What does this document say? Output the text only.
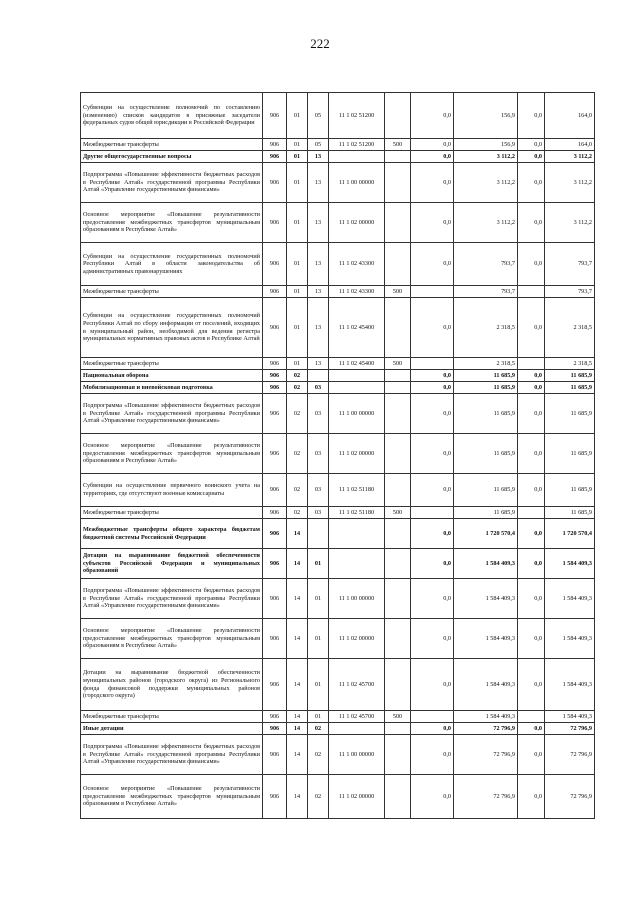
222
Субвенции на осуществление полномочий по составлению (изменению) списков кандидатов в присяжные заседатели федеральных судов общей юрисдикции в Российской Федерации	906	01	05	11 1 02 51200		0,0	156,9	0,0	164,0
Межбюджетные трансферты	906	01	05	11 1 02 51200	500	0,0	156,9	0,0	164,0
Другие общегосударственные вопросы	906	01	13			0,0	3 112,2	0,0	3 112,2
Подпрограмма «Повышение эффективности бюджетных расходов в Республике Алтай» государственной программы Республики Алтай «Управление государственными финансами»	906	01	13	11 1 00 00000		0,0	3 112,2	0,0	3 112,2
Основное мероприятие «Повышение результативности предоставления межбюджетных трансфертов муниципальным образованиям в Республике Алтай»	906	01	13	11 1 02 00000		0,0	3 112,2	0,0	3 112,2
Субвенции на осуществление государственных полномочий Республики Алтай в области законодательства об административных правонарушениях	906	01	13	11 1 02 43300		0,0	793,7	0,0	793,7
Межбюджетные трансферты	906	01	13	11 1 02 43300	500		793,7		793,7
Субвенции на осуществление государственных полномочий Республики Алтай по сбору информации от поселений, входящих в муниципальный район, необходимой для ведения регистра муниципальных нормативных правовых актов в Республике Алтай	906	01	13	11 1 02 45400		0,0	2 318,5	0,0	2 318,5
Межбюджетные трансферты	906	01	13	11 1 02 45400	500		2 318,5		2 318,5
Национальная оборона	906	02				0,0	11 685,9	0,0	11 685,9
Мобилизационная и вневойсковая подготовка	906	02	03			0,0	11 685,9	0,0	11 685,9
Подпрограмма «Повышение эффективности бюджетных расходов в Республике Алтай» государственной программы Республики Алтай «Управление государственными финансами»	906	02	03	11 1 00 00000		0,0	11 685,9	0,0	11 685,9
Основное мероприятие «Повышение результативности предоставления межбюджетных трансфертов муниципальным образованиям в Республике Алтай»	906	02	03	11 1 02 00000		0,0	11 685,9	0,0	11 685,9
Субвенции на осуществление первичного воинского учета на территориях, где отсутствуют военные комиссариаты	906	02	03	11 1 02 51180		0,0	11 685,9	0,0	11 685,9
Межбюджетные трансферты	906	02	03	11 1 02 51180	500		11 685,9		11 685,9
Межбюджетные трансферты общего характера бюджетам бюджетной системы Российской Федерации	906	14				0,0	1 720 570,4	0,0	1 720 570,4
Дотации на выравнивание бюджетной обеспеченности субъектов Российской Федерации и муниципальных образований	906	14	01			0,0	1 584 409,3	0,0	1 584 409,3
Подпрограмма «Повышение эффективности бюджетных расходов в Республике Алтай» государственной программы Республики Алтай «Управление государственными финансами»	906	14	01	11 1 00 00000		0,0	1 584 409,3	0,0	1 584 409,3
Основное мероприятие «Повышение результативности предоставления межбюджетных трансфертов муниципальным образованиям в Республике Алтай»	906	14	01	11 1 02 00000		0,0	1 584 409,3	0,0	1 584 409,3
Дотации на выравнивание бюджетной обеспеченности муниципальных районов (городского округа) из Регионального фонда финансовой поддержки муниципальных районов (городского округа)	906	14	01	11 1 02 45700		0,0	1 584 409,3	0,0	1 584 409,3
Межбюджетные трансферты	906	14	01	11 1 02 45700	500		1 584 409,3		1 584 409,3
Иные дотации	906	14	02			0,0	72 796,9	0,0	72 796,9
Подпрограмма «Повышение эффективности бюджетных расходов в Республике Алтай» государственной программы Республики Алтай «Управление государственными финансами»	906	14	02	11 1 00 00000		0,0	72 796,9	0,0	72 796,9
Основное мероприятие «Повышение результативности предоставления межбюджетных трансфертов муниципальным образованиям в Республике Алтай»	906	14	02	11 1 02 00000		0,0	72 796,9	0,0	72 796,9
